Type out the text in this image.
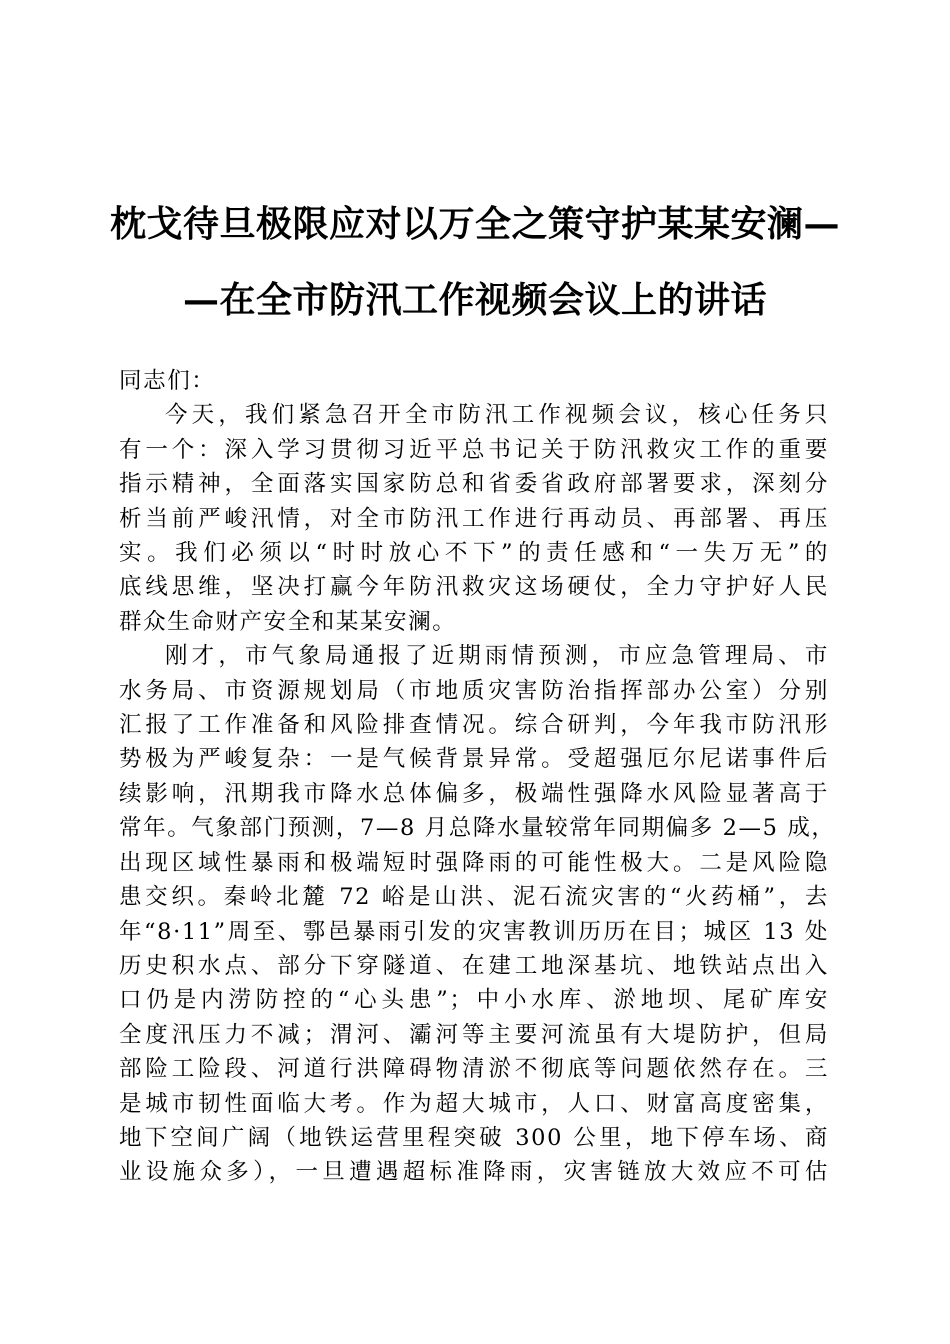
枕戈待旦极限应对以万全之策守护某某安澜—
—在全市防汛工作视频会议上的讲话

同志们：

今天，我们紧急召开全市防汛工作视频会议，核心任务只
有一个：深入学习贯彻习近平总书记关于防汛救灾工作的重要
指示精神，全面落实国家防总和省委省政府部署要求，深刻分
析当前严峻汛情，对全市防汛工作进行再动员、再部署、再压
实。我们必须以“时时放心不下”的责任感和“一失万无”的
底线思维，坚决打赢今年防汛救灾这场硬仗，全力守护好人民
群众生命财产安全和某某安澜。

刚才，市气象局通报了近期雨情预测，市应急管理局、市
水务局、市资源规划局（市地质灾害防治指挥部办公室）分别
汇报了工作准备和风险排查情况。综合研判，今年我市防汛形
势极为严峻复杂：一是气候背景异常。受超强厄尔尼诺事件后
续影响，汛期我市降水总体偏多，极端性强降水风险显著高于
常年。气象部门预测，7—8 月总降水量较常年同期偏多 2—5 成，
出现区域性暴雨和极端短时强降雨的可能性极大。二是风险隐
患交织。秦岭北麓 72 峪是山洪、泥石流灾害的“火药桶”，去
年“8·11”周至、鄠邑暴雨引发的灾害教训历历在目；城区 13 处
历史积水点、部分下穿隧道、在建工地深基坑、地铁站点出入
口仍是内涝防控的“心头患”；中小水库、淤地坝、尾矿库安
全度汛压力不减；渭河、灞河等主要河流虽有大堤防护，但局
部险工险段、河道行洪障碍物清淤不彻底等问题依然存在。三
是城市韧性面临大考。作为超大城市，人口、财富高度密集，
地下空间广阔（地铁运营里程突破 300 公里，地下停车场、商
业设施众多），一旦遭遇超标准降雨，灾害链放大效应不可估
